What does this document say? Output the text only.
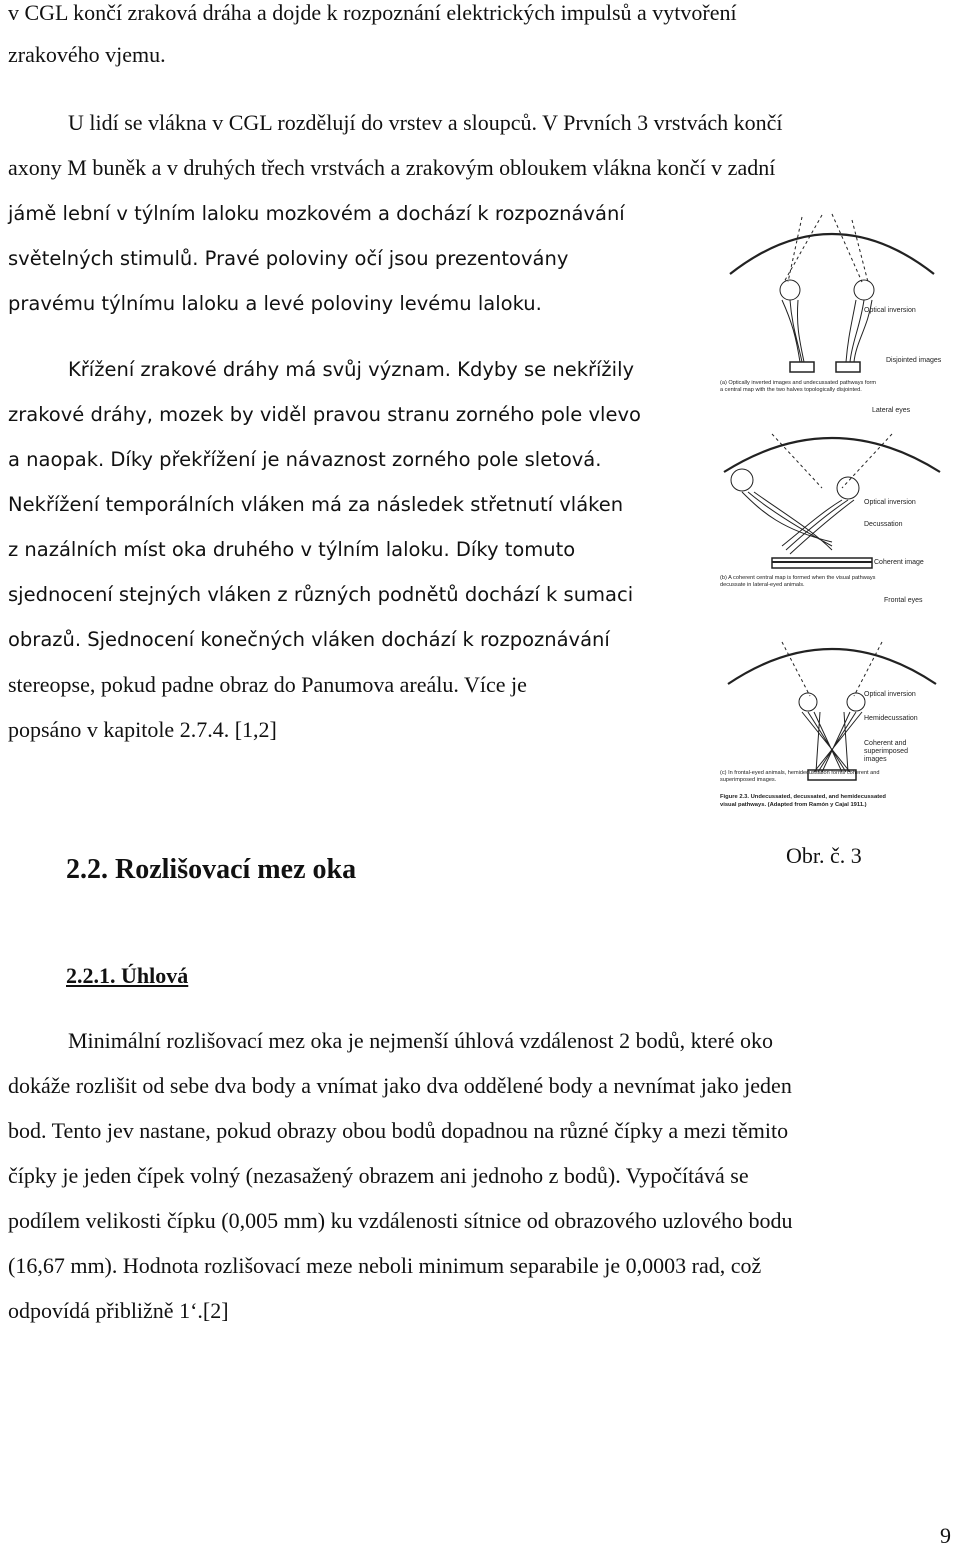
v CGL končí zraková dráha a dojde k rozpoznání elektrických impulsů a vytvoření

zrakového vjemu.

U lidí se vlákna v CGL rozdělují do vrstev a sloupců. V Prvních 3 vrstvách končí

axony M buněk a v druhých třech vrstvách a zrakovým obloukem vlákna končí v zadní

jámě lební v týlním laloku mozkovém a dochází k rozpoznávání

světelných stimulů. Pravé poloviny očí jsou prezentovány

pravému týlnímu laloku a levé poloviny levému laloku.

Křížení zrakové dráhy má svůj význam. Kdyby se nekřížily

zrakové dráhy, mozek by viděl pravou stranu zorného pole vlevo

a naopak. Díky překřížení je návaznost zorného pole sletová.

Nekřížení temporálních vláken má za následek střetnutí vláken

z nazálních míst oka druhého v týlním laloku. Díky tomuto

sjednocení stejných vláken z různých podnětů dochází k sumaci

obrazů. Sjednocení konečných vláken dochází k rozpoznávání

stereopse, pokud padne obraz do Panumova areálu. Více je

popsáno v kapitole 2.7.4. [1,2]

Optical inversion
Disjointed images
(a) Optically inverted images and undecussated pathways form
a central map with the two halves topologically disjointed.
Lateral eyes
Optical inversion
Decussation
Coherent image
(b) A coherent central map is formed when the visual pathways
decussate in lateral-eyed animals.
Frontal eyes
Optical inversion
Hemidecussation
Coherent and
superimposed
images
(c) In frontal-eyed animals, hemidecussation forms coherent and
superimposed images.
Figure 2.3. Undecussated, decussated, and hemidecussated
visual pathways. (Adapted from Ramón y Cajal 1911.)

Obr. č. 3

2.2. Rozlišovací mez oka
2.2.1. Úhlová

Minimální rozlišovací mez oka je nejmenší úhlová vzdálenost 2 bodů, které oko

dokáže rozlišit od sebe dva body a vnímat jako dva oddělené body a nevnímat jako jeden

bod. Tento jev nastane, pokud obrazy obou bodů dopadnou na různé čípky a mezi těmito

čípky je jeden čípek volný (nezasažený obrazem ani jednoho z bodů). Vypočítává se

podílem velikosti čípku (0,005 mm) ku vzdálenosti sítnice od obrazového uzlového bodu

(16,67 mm). Hodnota rozlišovací meze neboli minimum separabile je 0,0003 rad, což

odpovídá přibližně 1‘.[2]

9
